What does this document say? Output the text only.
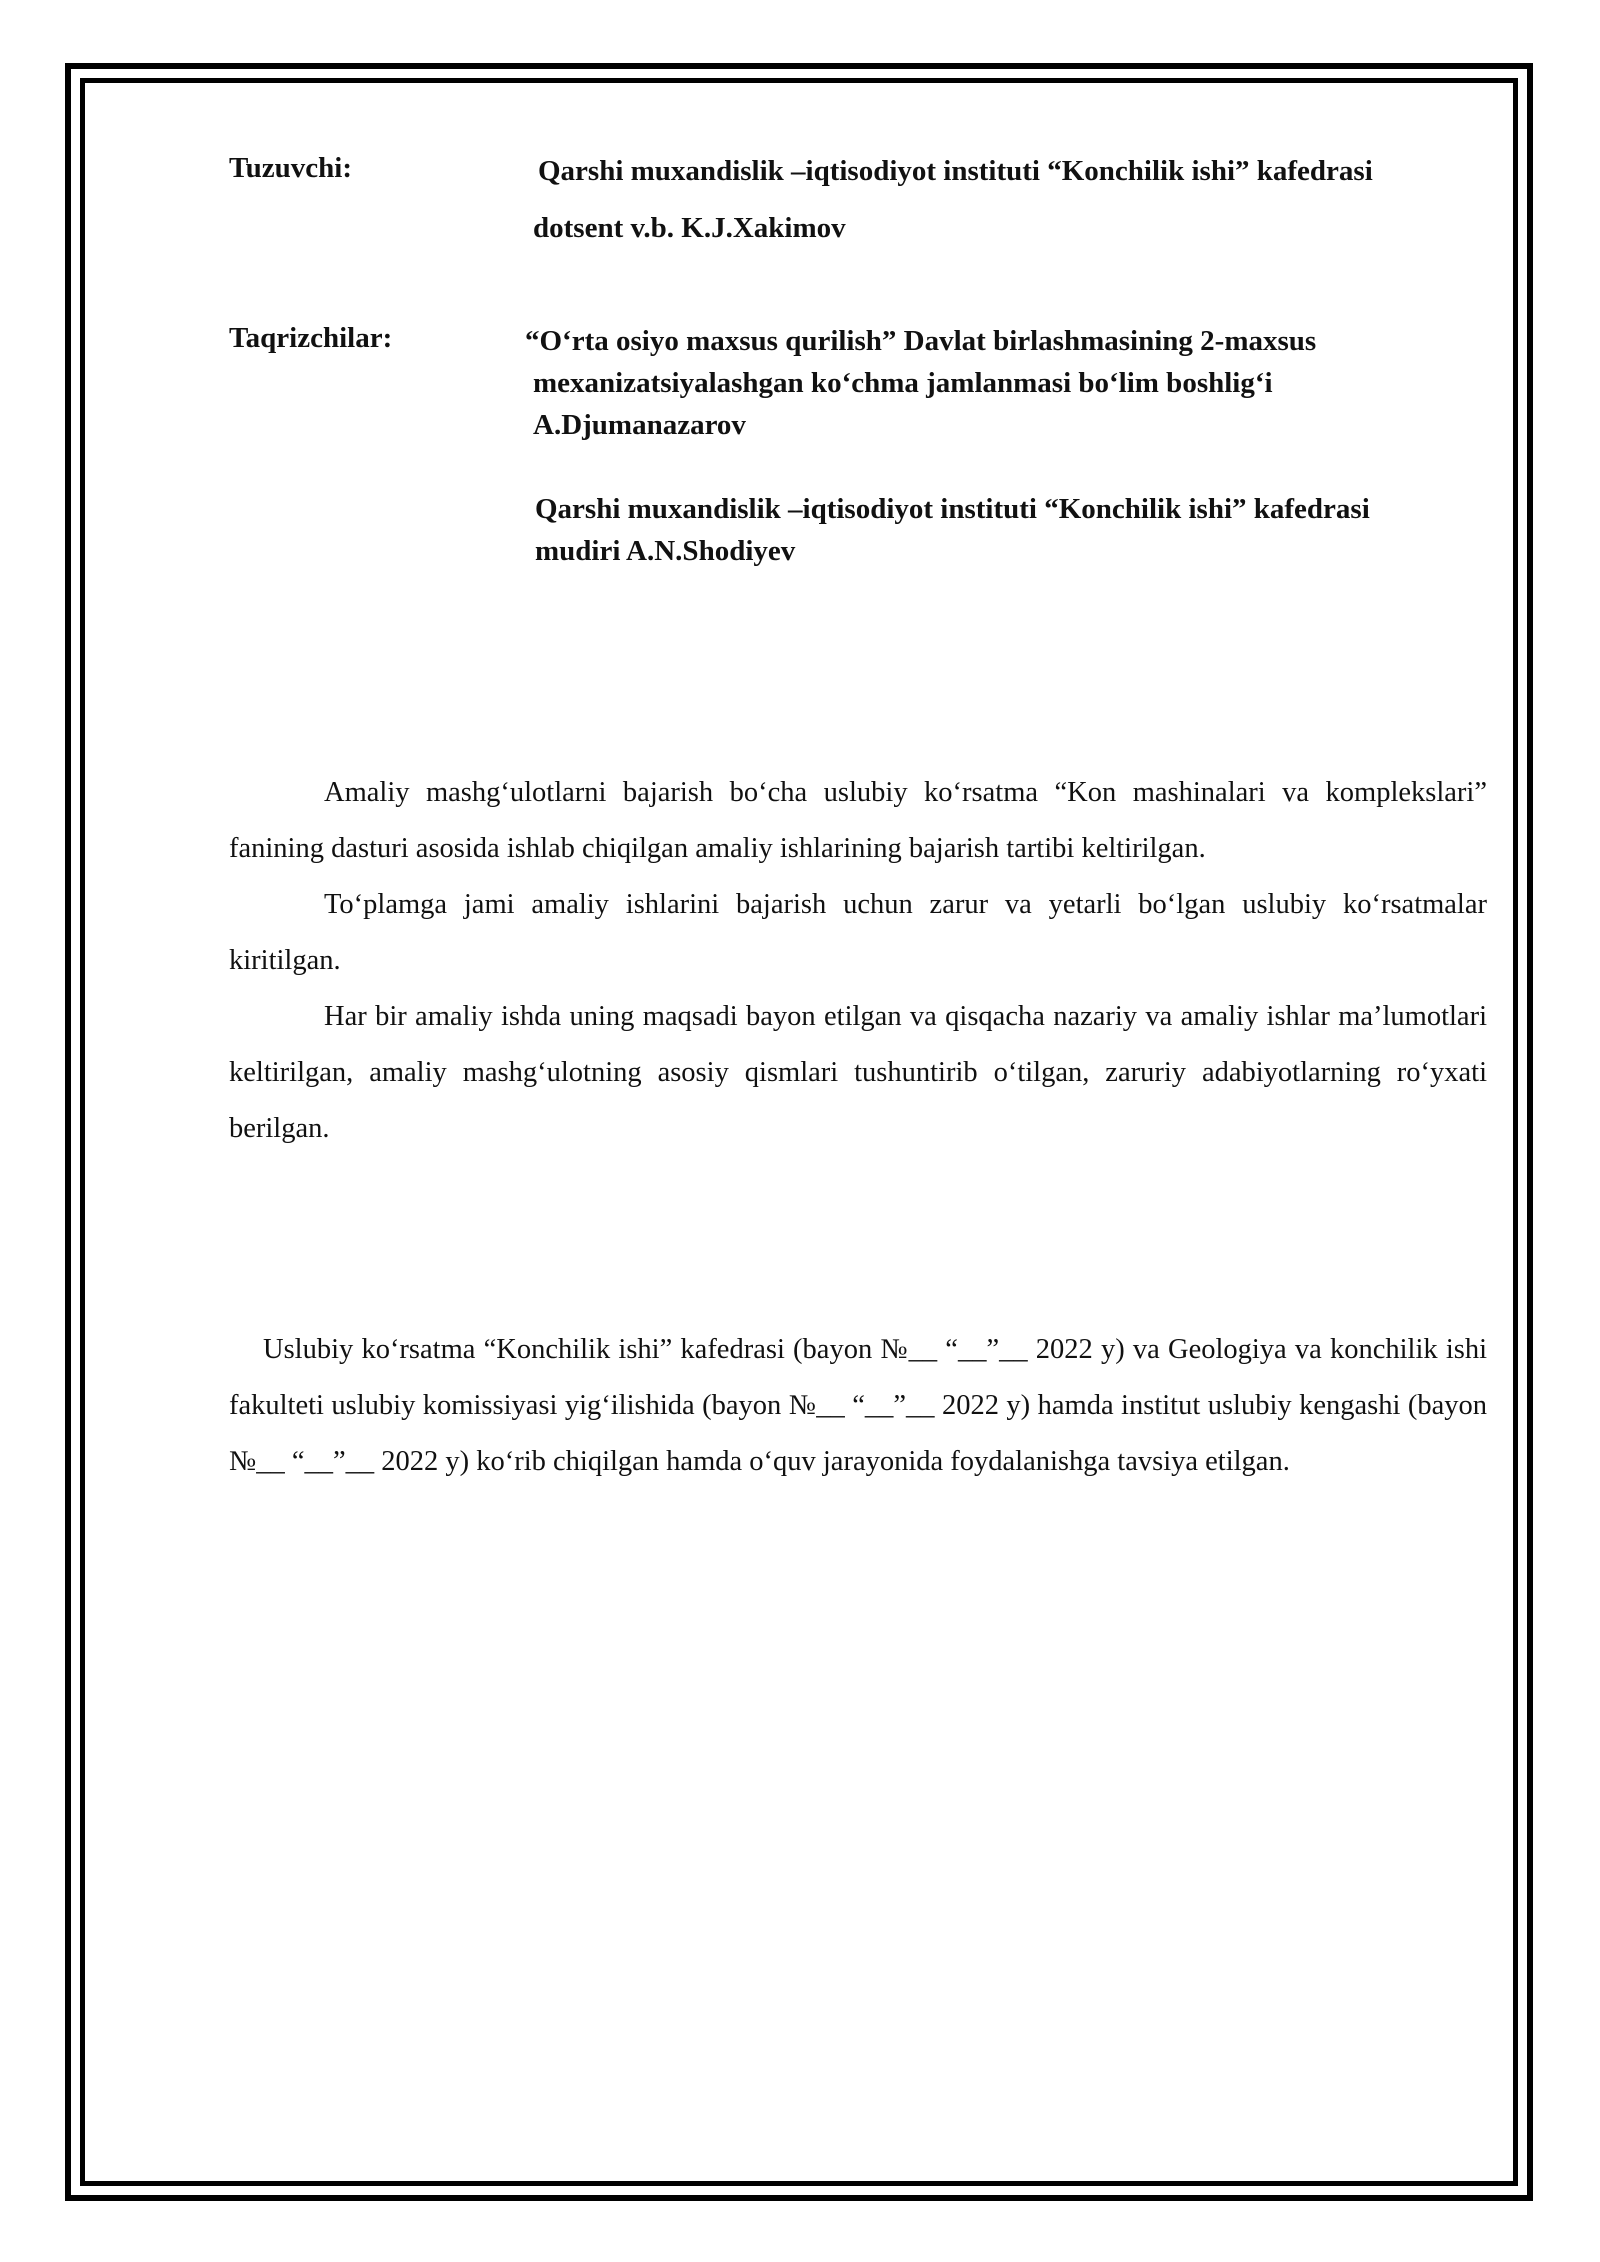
Tuzuvchi:	Qarshi muxandislik –iqtisodiyot instituti “Konchilik ishi” kafedrasi

dotsent v.b. K.J.Xakimov

Taqrizchilar:	“O‘rta osiyo maxsus qurilish” Davlat birlashmasining 2-maxsus

mexanizatsiyalashgan ko‘chma jamlanmasi bo‘lim boshlig‘i

A.Djumanazarov

Qarshi muxandislik –iqtisodiyot instituti “Konchilik ishi” kafedrasi

mudiri A.N.Shodiyev

Amaliy mashg‘ulotlarni bajarish bo‘cha uslubiy ko‘rsatma “Kon mashinalari va komplekslari” fanining dasturi asosida ishlab chiqilgan amaliy ishlarining bajarish tartibi keltirilgan.

To‘plamga jami amaliy ishlarini bajarish uchun zarur va yetarli bo‘lgan uslubiy ko‘rsatmalar kiritilgan.

Har bir amaliy ishda uning maqsadi bayon etilgan va qisqacha nazariy va amaliy ishlar ma’lumotlari keltirilgan, amaliy mashg‘ulotning asosiy qismlari tushuntirib o‘tilgan, zaruriy adabiyotlarning ro‘yxati berilgan.

Uslubiy ko‘rsatma “Konchilik ishi” kafedrasi (bayon №__ “__”__ 2022 y) va Geologiya va konchilik ishi fakulteti uslubiy komissiyasi yig‘ilishida (bayon №__ “__”__ 2022 y) hamda institut uslubiy kengashi (bayon №__ “__”__ 2022 y) ko‘rib chiqilgan hamda o‘quv jarayonida foydalanishga tavsiya etilgan.
